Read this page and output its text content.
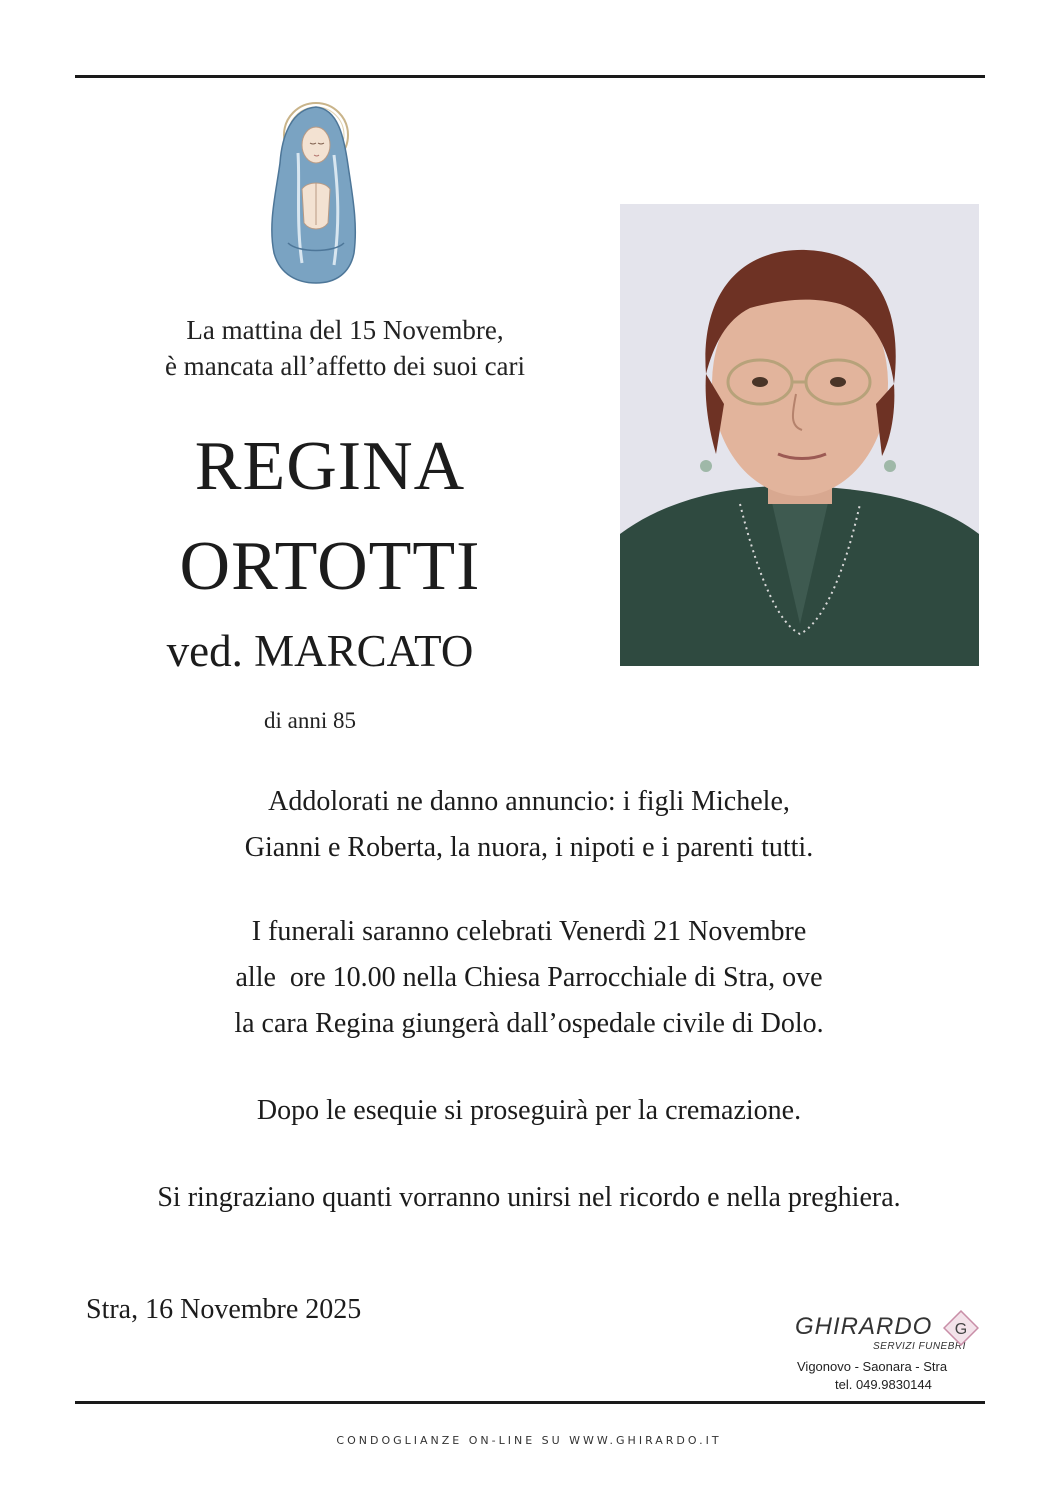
La mattina del 15 Novembre,
è mancata all’affetto dei suoi cari
REGINA
ORTOTTI
ved. MARCATO
di anni 85
Addolorati ne danno annuncio: i figli Michele,
Gianni e Roberta, la nuora, i nipoti e i parenti tutti.
I funerali saranno celebrati Venerdì 21 Novembre
alle  ore 10.00 nella Chiesa Parrocchiale di Stra, ove
la cara Regina giungerà dall’ospedale civile di Dolo.
Dopo le esequie si proseguirà per la cremazione.
Si ringraziano quanti vorranno unirsi nel ricordo e nella preghiera.
Stra, 16 Novembre 2025
GHIRARDO
SERVIZI FUNEBRI
G
Vigonovo - Saonara - Stra
tel. 049.9830144
CONDOGLIANZE ON-LINE SU WWW.GHIRARDO.IT
